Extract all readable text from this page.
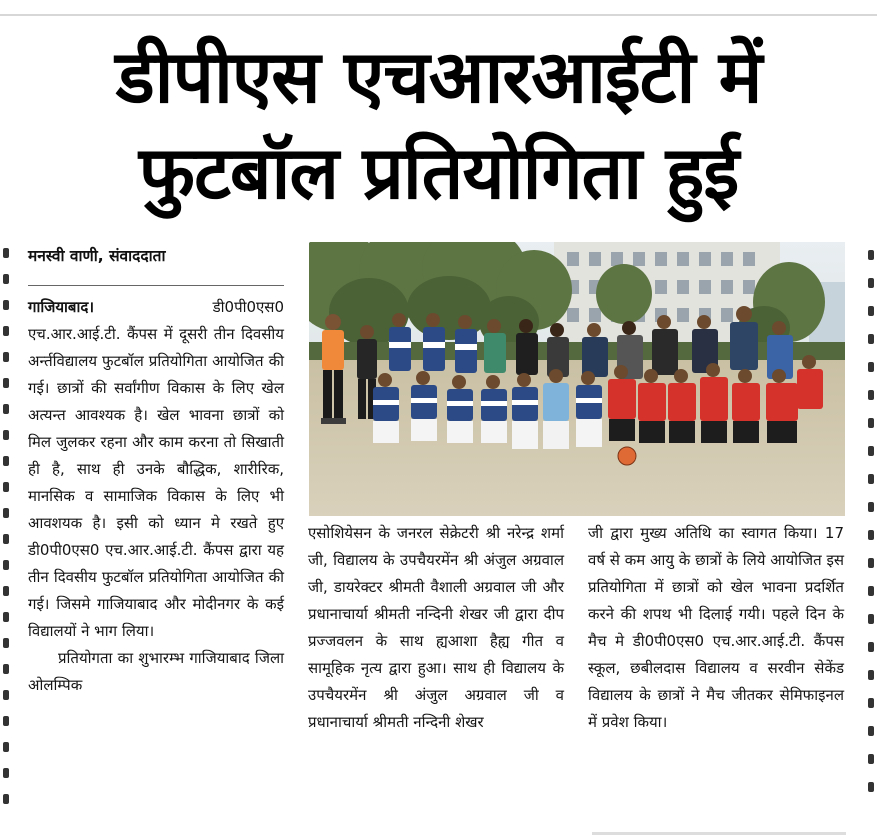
डीपीएस एचआरआईटी में
फुटबॉल प्रतियोगिता हुई
मनस्वी वाणी, संवाददाता

गाजियाबाद।	डी0पी0एस0 एच.आर.आई.टी. कैंपस में दूसरी तीन दिवसीय अर्न्तविद्यालय फुटबॉल प्रतियोगिता आयोजित की गई। छात्रों की सर्वांगीण विकास के लिए खेल अत्यन्त आवश्यक है। खेल भावना छात्रों को मिल जुलकर रहना और काम करना तो सिखाती ही है, साथ ही उनके बौद्धिक, शारीरिक, मानसिक व सामाजिक विकास के लिए भी आवशयक है। इसी को ध्यान मे रखते हुए डी0पी0एस0 एच.आर.आई.टी. कैंपस द्वारा यह तीन दिवसीय फुटबॉल प्रतियोगिता आयोजित की गई। जिसमे गाजियाबाद और मोदीनगर के कई विद्यालयों ने भाग लिया।

प्रतियोगता का शुभारम्भ गाजियाबाद जिला ओलम्पिक

एसोशियेसन के जनरल सेक्रेटरी श्री नरेन्द्र शर्मा जी, विद्यालय के उपचैयरमेंन श्री अंजुल अग्रवाल जी, डायरेक्टर श्रीमती वैशाली अग्रवाल जी और प्रधानाचार्या श्रीमती नन्दिनी शेखर जी द्वारा दीप प्रज्जवलन के साथ ह्यआशा हैह्य गीत व सामूहिक नृत्य द्वारा हुआ। साथ ही विद्यालय के उपचैयरमेंन श्री अंजुल अग्रवाल जी व प्रधानाचार्या श्रीमती नन्दिनी शेखर
जी द्वारा मुख्य अतिथि का स्वागत किया। 17 वर्ष से कम आयु के छात्रों के लिये आयोजित इस प्रतियोगिता में छात्रों को खेल भावना प्रदर्शित करने की शपथ भी दिलाई गयी। पहले दिन के मैच मे डी0पी0एस0 एच.आर.आई.टी. कैंपस स्कूल, छबीलदास विद्यालय व सरवीन सेकेंड विद्यालय के छात्रों ने मैच जीतकर सेमिफाइनल में प्रवेश किया।
